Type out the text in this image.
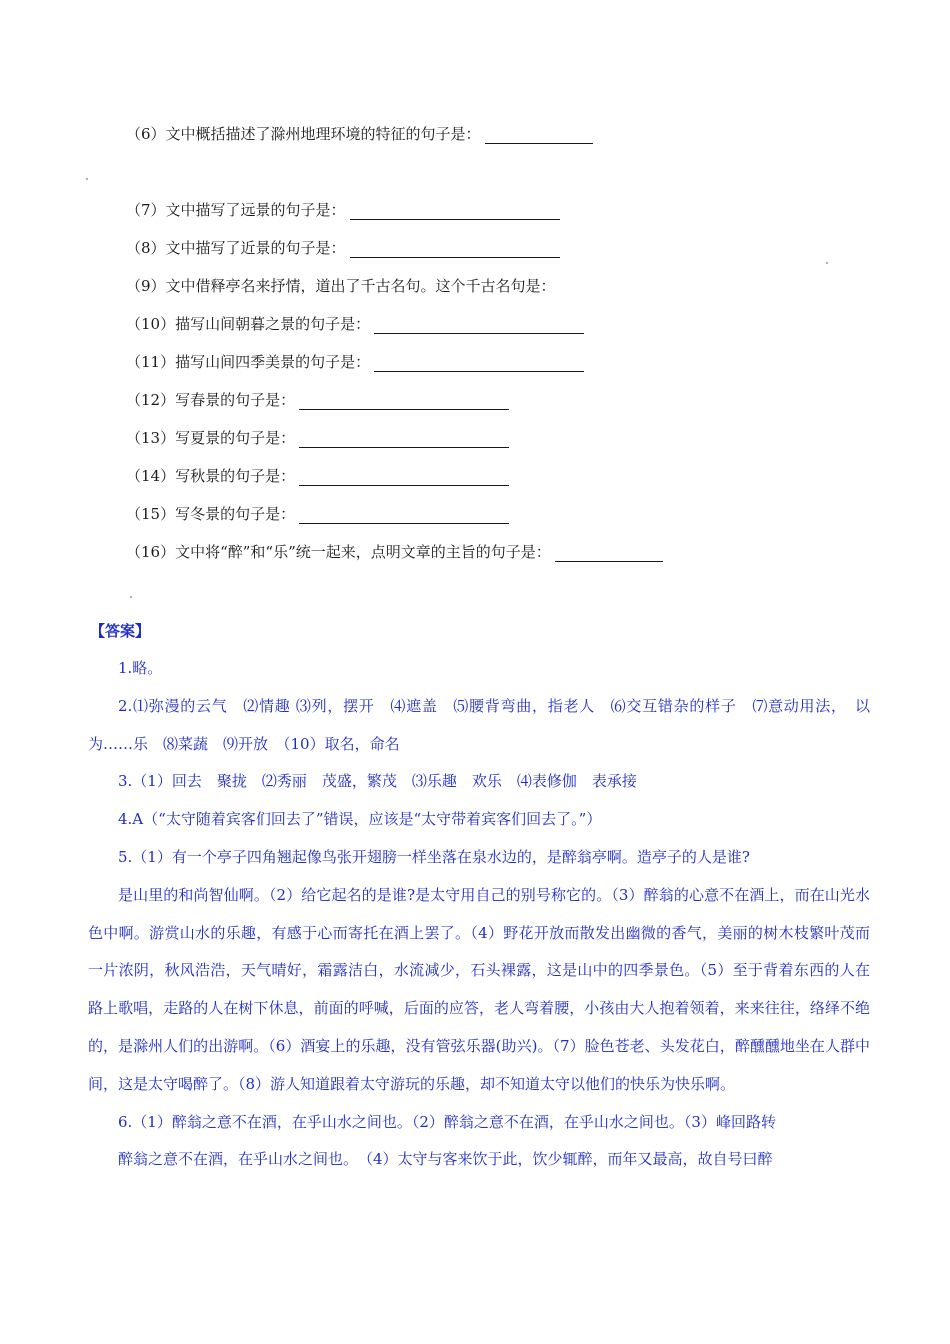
（6）文中概括描述了滁州地理环境的特征的句子是：
（7）文中描写了远景的句子是：
（8）文中描写了近景的句子是：
（9）文中借释亭名来抒情，道出了千古名句。这个千古名句是：
（10）描写山间朝暮之景的句子是：
（11）描写山间四季美景的句子是：
（12）写春景的句子是：
（13）写夏景的句子是：
（14）写秋景的句子是：
（15）写冬景的句子是：
（16）文中将“醉”和“乐”统一起来，点明文章的主旨的句子是：
【答案】

1.略。

2.⑴弥漫的云气　⑵情趣 ⑶列，摆开　⑷遮盖　⑸腰背弯曲，指老人　⑹交互错杂的样子　⑺意动用法，　以为……乐　⑻菜蔬　⑼开放　（10）取名，命名

3.（1）回去　聚拢　⑵秀丽　茂盛，繁茂　⑶乐趣　欢乐　⑷表修伽　表承接

4.A（“太守随着宾客们回去了”错误，应该是“太守带着宾客们回去了。”）

5.（1）有一个亭子四角翘起像鸟张开翅膀一样坐落在泉水边的，是醉翁亭啊。造亭子的人是谁?

是山里的和尚智仙啊。（2）给它起名的是谁?是太守用自己的别号称它的。（3）醉翁的心意不在酒上，而在山光水色中啊。游赏山水的乐趣，有感于心而寄托在酒上罢了。（4）野花开放而散发出幽微的香气，美丽的树木枝繁叶茂而一片浓阴，秋风浩浩，天气晴好，霜露洁白，水流减少，石头裸露，这是山中的四季景色。（5）至于背着东西的人在路上歌唱，走路的人在树下休息，前面的呼喊，后面的应答，老人弯着腰，小孩由大人抱着领着，来来往往，络绎不绝的，是滁州人们的出游啊。（6）酒宴上的乐趣，没有管弦乐器(助兴)。（7）脸色苍老、头发花白，醉醺醺地坐在人群中间，这是太守喝醉了。（8）游人知道跟着太守游玩的乐趣，却不知道太守以他们的快乐为快乐啊。

6.（1）醉翁之意不在酒，在乎山水之间也。（2）醉翁之意不在酒，在乎山水之间也。（3）峰回路转

醉翁之意不在酒，在乎山水之间也。　（4）太守与客来饮于此，饮少辄醉，而年又最高，故自号曰醉
